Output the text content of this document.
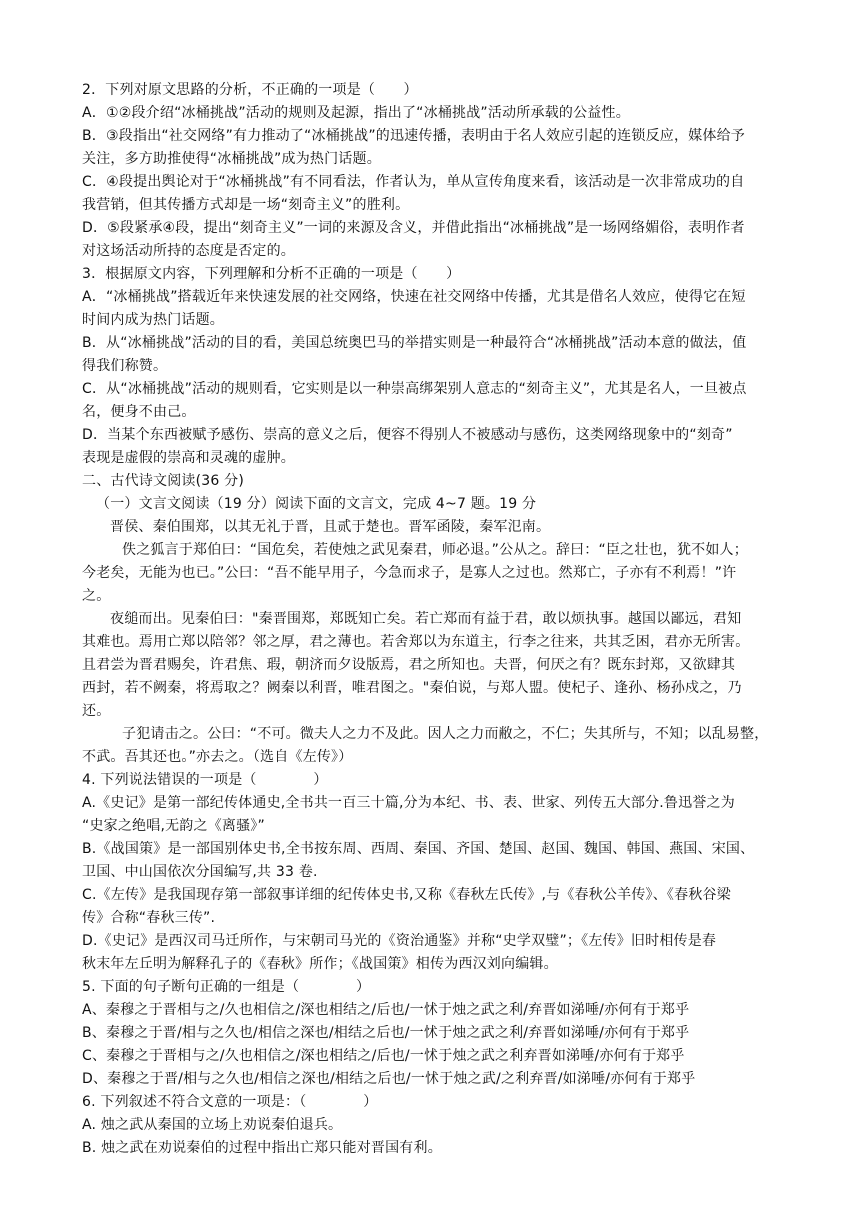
2．下列对原文思路的分析，不正确的一项是（　　）

A．①②段介绍“冰桶挑战”活动的规则及起源，指出了“冰桶挑战”活动所承载的公益性。

B．③段指出“社交网络”有力推动了“冰桶挑战”的迅速传播，表明由于名人效应引起的连锁反应，媒体给予

关注，多方助推使得“冰桶挑战”成为热门话题。

C．④段提出舆论对于“冰桶挑战”有不同看法，作者认为，单从宣传角度来看，该活动是一次非常成功的自

我营销，但其传播方式却是一场“刻奇主义”的胜利。

D．⑤段紧承④段，提出“刻奇主义”一词的来源及含义，并借此指出“冰桶挑战”是一场网络媚俗，表明作者

对这场活动所持的态度是否定的。

3．根据原文内容，下列理解和分析不正确的一项是（　　）

A．“冰桶挑战”搭载近年来快速发展的社交网络，快速在社交网络中传播，尤其是借名人效应，使得它在短

时间内成为热门话题。

B．从“冰桶挑战”活动的目的看，美国总统奥巴马的举措实则是一种最符合“冰桶挑战”活动本意的做法，值

得我们称赞。

C．从“冰桶挑战”活动的规则看，它实则是以一种崇高绑架别人意志的“刻奇主义”，尤其是名人，一旦被点

名，便身不由己。

D．当某个东西被赋予感伤、崇高的意义之后，便容不得别人不被感动与感伤，这类网络现象中的“刻奇”

表现是虚假的崇高和灵魂的虚肿。

二、古代诗文阅读(36 分)

（一）文言文阅读（19 分）阅读下面的文言文，完成 4~7 题。19 分

晋侯、秦伯围郑，以其无礼于晋，且贰于楚也。晋军函陵，秦军氾南。

佚之狐言于郑伯曰：“国危矣，若使烛之武见秦君，师必退。”公从之。辞曰：“臣之壮也，犹不如人；

今老矣，无能为也已。”公曰：“吾不能早用子，今急而求子，是寡人之过也。然郑亡，子亦有不利焉！”许

之。

夜缒而出。见秦伯曰："秦晋围郑，郑既知亡矣。若亡郑而有益于君，敢以烦执事。越国以鄙远，君知

其难也。焉用亡郑以陪邻？邻之厚，君之薄也。若舍郑以为东道主，行李之往来，共其乏困，君亦无所害。

且君尝为晋君赐矣，许君焦、瑕，朝济而夕设版焉，君之所知也。夫晋，何厌之有？既东封郑，又欲肆其

西封，若不阙秦，将焉取之？阙秦以利晋，唯君图之。"秦伯说，与郑人盟。使杞子、逢孙、杨孙戍之，乃

还。

子犯请击之。公曰：“不可。微夫人之力不及此。因人之力而敝之，不仁；失其所与，不知；以乱易整，

不武。吾其还也。”亦去之。（选自《左传》）

4. 下列说法错误的一项是（　　　　）

A.《史记》是第一部纪传体通史,全书共一百三十篇,分为本纪、书、表、世家、列传五大部分.鲁迅誉之为

“史家之绝唱,无韵之《离骚》”

B.《战国策》是一部国别体史书,全书按东周、西周、秦国、齐国、楚国、赵国、魏国、韩国、燕国、宋国、

卫国、中山国依次分国编写,共 33 卷.

C.《左传》是我国现存第一部叙事详细的纪传体史书,又称《春秋左氏传》,与《春秋公羊传》、《春秋谷梁

传》合称“春秋三传”.

D.《史记》是西汉司马迁所作，与宋朝司马光的《资治通鉴》并称“史学双璧”；《左传》旧时相传是春

秋末年左丘明为解释孔子的《春秋》所作；《战国策》相传为西汉刘向编辑。

5. 下面的句子断句正确的一组是（　　　　）

A、秦穆之于晋相与之/久也相信之/深也相结之/后也/一怵于烛之武之利/弃晋如涕唾/亦何有于郑乎

B、秦穆之于晋/相与之久也/相信之深也/相结之后也/一怵于烛之武之利/弃晋如涕唾/亦何有于郑乎

C、秦穆之于晋相与之/久也相信之/深也相结之/后也/一怵于烛之武之利弃晋如涕唾/亦何有于郑乎

D、秦穆之于晋/相与之久也/相信之深也/相结之后也/一怵于烛之武/之利弃晋/如涕唾/亦何有于郑乎

6. 下列叙述不符合文意的一项是：（　　　　）

A. 烛之武从秦国的立场上劝说秦伯退兵。

B. 烛之武在劝说秦伯的过程中指出亡郑只能对晋国有利。
